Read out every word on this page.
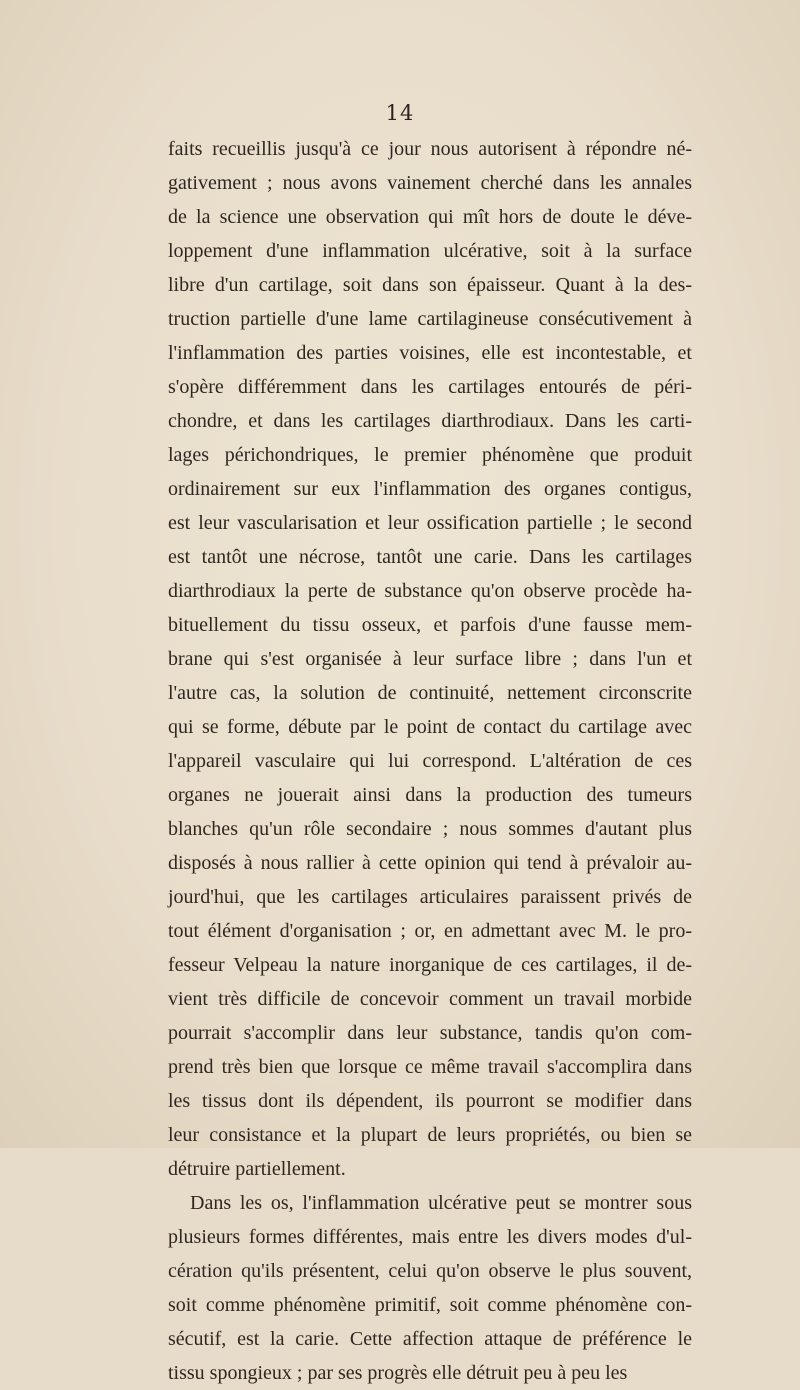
14

faits recueillis jusqu'à ce jour nous autorisent à répondre né-
gativement ; nous avons vainement cherché dans les annales
de la science une observation qui mît hors de doute le déve-
loppement d'une inflammation ulcérative, soit à la surface
libre d'un cartilage, soit dans son épaisseur. Quant à la des-
truction partielle d'une lame cartilagineuse consécutivement à
l'inflammation des parties voisines, elle est incontestable, et
s'opère différemment dans les cartilages entourés de péri-
chondre, et dans les cartilages diarthrodiaux. Dans les carti-
lages périchondriques, le premier phénomène que produit
ordinairement sur eux l'inflammation des organes contigus,
est leur vascularisation et leur ossification partielle ; le second
est tantôt une nécrose, tantôt une carie. Dans les cartilages
diarthrodiaux la perte de substance qu'on observe procède ha-
bituellement du tissu osseux, et parfois d'une fausse mem-
brane qui s'est organisée à leur surface libre ; dans l'un et
l'autre cas, la solution de continuité, nettement circonscrite
qui se forme, débute par le point de contact du cartilage avec
l'appareil vasculaire qui lui correspond. L'altération de ces
organes ne jouerait ainsi dans la production des tumeurs
blanches qu'un rôle secondaire ; nous sommes d'autant plus
disposés à nous rallier à cette opinion qui tend à prévaloir au-
jourd'hui, que les cartilages articulaires paraissent privés de
tout élément d'organisation ; or, en admettant avec M. le pro-
fesseur Velpeau la nature inorganique de ces cartilages, il de-
vient très difficile de concevoir comment un travail morbide
pourrait s'accomplir dans leur substance, tandis qu'on com-
prend très bien que lorsque ce même travail s'accomplira dans
les tissus dont ils dépendent, ils pourront se modifier dans
leur consistance et la plupart de leurs propriétés, ou bien se
détruire partiellement.

Dans les os, l'inflammation ulcérative peut se montrer sous
plusieurs formes différentes, mais entre les divers modes d'ul-
cération qu'ils présentent, celui qu'on observe le plus souvent,
soit comme phénomène primitif, soit comme phénomène con-
sécutif, est la carie. Cette affection attaque de préférence le
tissu spongieux ; par ses progrès elle détruit peu à peu les
